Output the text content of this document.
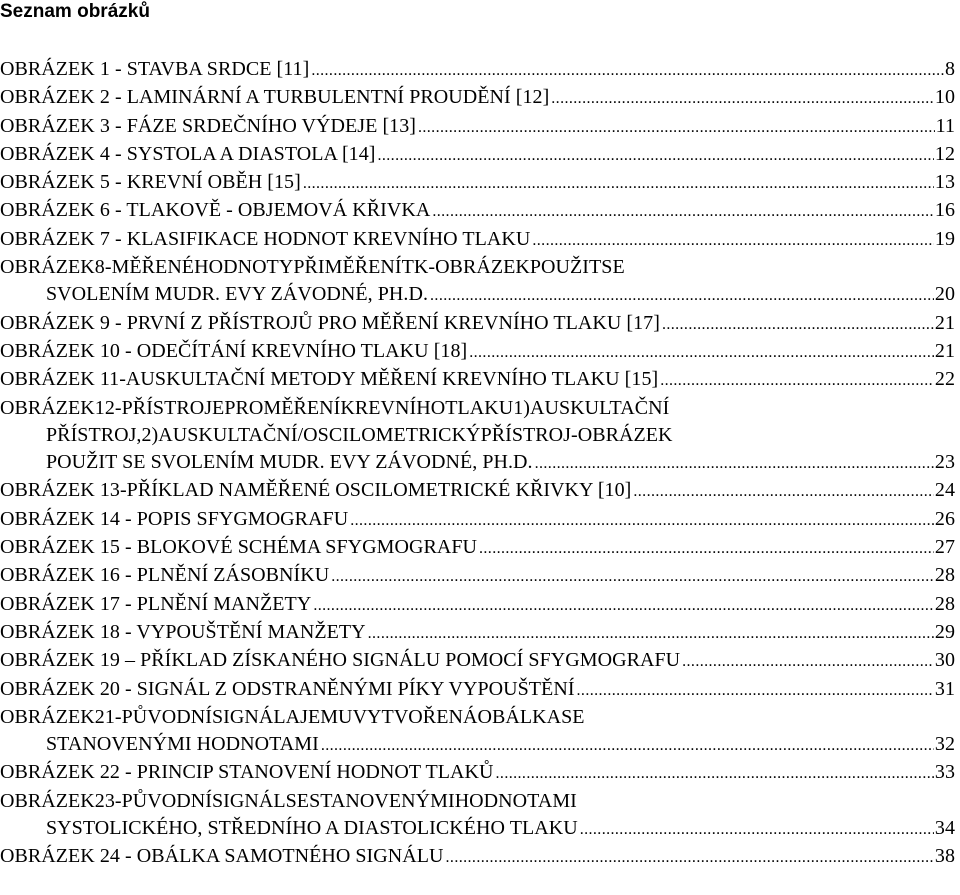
Seznam obrázků
OBRÁZEK 1 - STAVBA SRDCE [11] .....	8
OBRÁZEK 2 - LAMINÁRNÍ A TURBULENTNÍ PROUDĚNÍ [12] .....	10
OBRÁZEK 3 - FÁZE SRDEČNÍHO VÝDEJE [13] .....	11
OBRÁZEK 4 - SYSTOLA A DIASTOLA [14] .....	12
OBRÁZEK 5 - KREVNÍ OBĚH [15] .....	13
OBRÁZEK 6 - TLAKOVĚ - OBJEMOVÁ KŘIVKA .....	16
OBRÁZEK 7 - KLASIFIKACE HODNOT KREVNÍHO TLAKU .....	19
OBRÁZEK8-MĚŘENÉHODNOTYPŘIMĚŘENÍTK-OBRÁZEKPOUŽITSE
SVOLENÍM MUDR. EVY ZÁVODNÉ, PH.D. .....	20
OBRÁZEK 9 - PRVNÍ Z PŘÍSTROJŮ PRO MĚŘENÍ KREVNÍHO TLAKU [17] .....	21
OBRÁZEK 10 - ODEČÍTÁNÍ KREVNÍHO TLAKU [18] .....	21
OBRÁZEK 11-AUSKULTAČNÍ METODY MĚŘENÍ KREVNÍHO TLAKU [15] .....	22
OBRÁZEK12-PŘÍSTROJEPROMĚŘENÍKREVNÍHOTLAKU1)AUSKULTAČNÍ
PŘÍSTROJ,2)AUSKULTAČNÍ/OSCILOMETRICKÝPŘÍSTROJ-OBRÁZEK
POUŽIT SE SVOLENÍM MUDR. EVY ZÁVODNÉ, PH.D. .....	23
OBRÁZEK 13-PŘÍKLAD NAMĚŘENÉ OSCILOMETRICKÉ KŘIVKY [10] .....	24
OBRÁZEK 14 - POPIS SFYGMOGRAFU .....	26
OBRÁZEK 15 - BLOKOVÉ SCHÉMA SFYGMOGRAFU .....	27
OBRÁZEK 16 - PLNĚNÍ ZÁSOBNÍKU .....	28
OBRÁZEK 17 - PLNĚNÍ MANŽETY .....	28
OBRÁZEK 18 - VYPOUŠTĚNÍ MANŽETY .....	29
OBRÁZEK 19 – PŘÍKLAD ZÍSKANÉHO SIGNÁLU POMOCÍ SFYGMOGRAFU .....	30
OBRÁZEK 20 - SIGNÁL Z ODSTRANĚNÝMI PÍKY VYPOUŠTĚNÍ .....	31
OBRÁZEK21-PŮVODNÍSIGNÁLAJEMUVYTVOŘENÁOBÁLKASE
STANOVENÝMI HODNOTAMI .....	32
OBRÁZEK 22 - PRINCIP STANOVENÍ HODNOT TLAKŮ .....	33
OBRÁZEK23-PŮVODNÍSIGNÁLSESTANOVENÝMIHODNOTAMI
SYSTOLICKÉHO, STŘEDNÍHO A DIASTOLICKÉHO TLAKU .....	34
OBRÁZEK 24 - OBÁLKA SAMOTNÉHO SIGNÁLU .....	38
